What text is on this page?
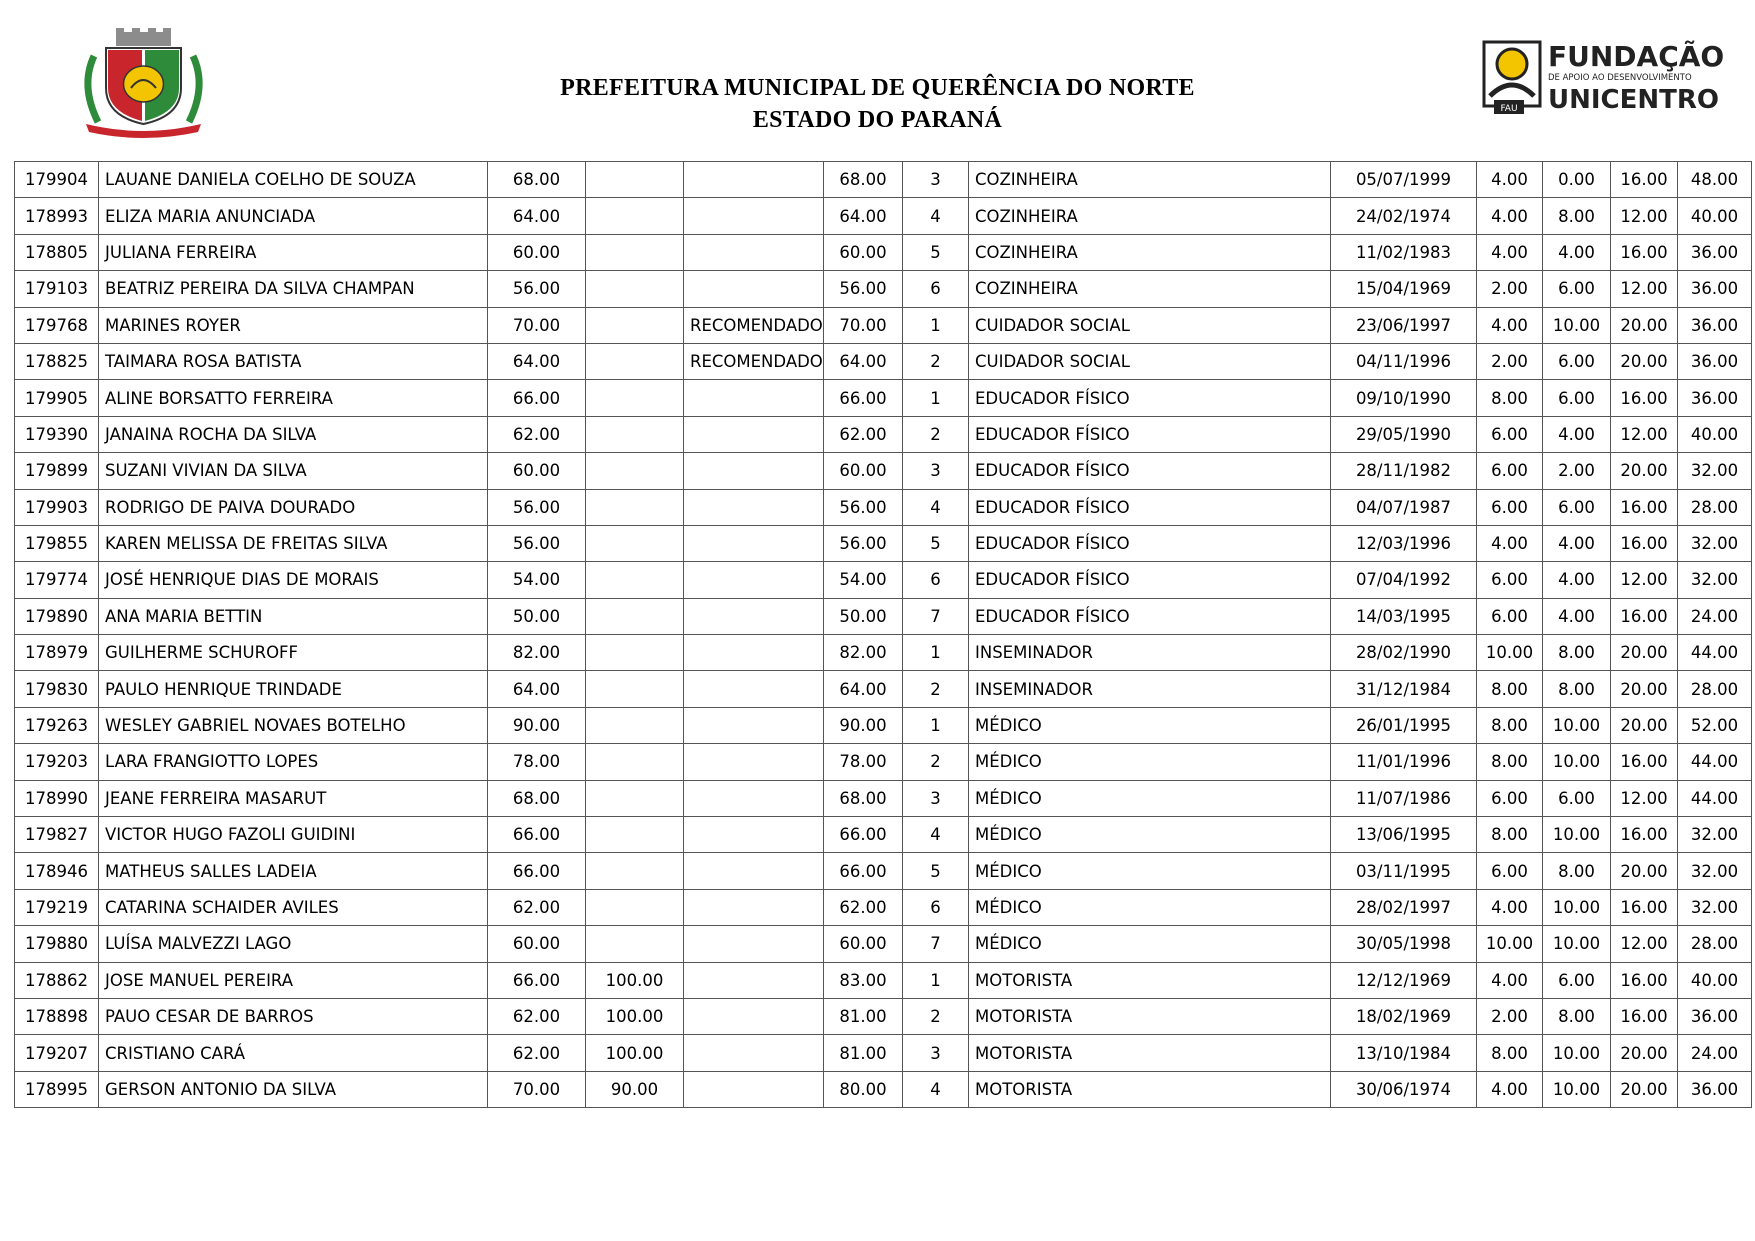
PREFEITURA MUNICIPAL DE QUERÊNCIA DO NORTE
ESTADO DO PARANÁ	FAU
FUNDAÇÃO
DE APOIO AO DESENVOLVIMENTO
UNICENTRO
179904	LAUANE DANIELA COELHO DE SOUZA	68.00			68.00	3	COZINHEIRA	05/07/1999	4.00	0.00	16.00	48.00
178993	ELIZA MARIA ANUNCIADA	64.00			64.00	4	COZINHEIRA	24/02/1974	4.00	8.00	12.00	40.00
178805	JULIANA FERREIRA	60.00			60.00	5	COZINHEIRA	11/02/1983	4.00	4.00	16.00	36.00
179103	BEATRIZ PEREIRA DA SILVA CHAMPAN	56.00			56.00	6	COZINHEIRA	15/04/1969	2.00	6.00	12.00	36.00
179768	MARINES ROYER	70.00		RECOMENDADO	70.00	1	CUIDADOR SOCIAL	23/06/1997	4.00	10.00	20.00	36.00
178825	TAIMARA ROSA BATISTA	64.00		RECOMENDADO	64.00	2	CUIDADOR SOCIAL	04/11/1996	2.00	6.00	20.00	36.00
179905	ALINE BORSATTO FERREIRA	66.00			66.00	1	EDUCADOR FÍSICO	09/10/1990	8.00	6.00	16.00	36.00
179390	JANAINA ROCHA DA SILVA	62.00			62.00	2	EDUCADOR FÍSICO	29/05/1990	6.00	4.00	12.00	40.00
179899	SUZANI VIVIAN DA SILVA	60.00			60.00	3	EDUCADOR FÍSICO	28/11/1982	6.00	2.00	20.00	32.00
179903	RODRIGO DE PAIVA DOURADO	56.00			56.00	4	EDUCADOR FÍSICO	04/07/1987	6.00	6.00	16.00	28.00
179855	KAREN MELISSA DE FREITAS SILVA	56.00			56.00	5	EDUCADOR FÍSICO	12/03/1996	4.00	4.00	16.00	32.00
179774	JOSÉ HENRIQUE DIAS DE MORAIS	54.00			54.00	6	EDUCADOR FÍSICO	07/04/1992	6.00	4.00	12.00	32.00
179890	ANA MARIA BETTIN	50.00			50.00	7	EDUCADOR FÍSICO	14/03/1995	6.00	4.00	16.00	24.00
178979	GUILHERME SCHUROFF	82.00			82.00	1	INSEMINADOR	28/02/1990	10.00	8.00	20.00	44.00
179830	PAULO HENRIQUE TRINDADE	64.00			64.00	2	INSEMINADOR	31/12/1984	8.00	8.00	20.00	28.00
179263	WESLEY GABRIEL NOVAES BOTELHO	90.00			90.00	1	MÉDICO	26/01/1995	8.00	10.00	20.00	52.00
179203	LARA FRANGIOTTO LOPES	78.00			78.00	2	MÉDICO	11/01/1996	8.00	10.00	16.00	44.00
178990	JEANE FERREIRA MASARUT	68.00			68.00	3	MÉDICO	11/07/1986	6.00	6.00	12.00	44.00
179827	VICTOR HUGO FAZOLI GUIDINI	66.00			66.00	4	MÉDICO	13/06/1995	8.00	10.00	16.00	32.00
178946	MATHEUS SALLES LADEIA	66.00			66.00	5	MÉDICO	03/11/1995	6.00	8.00	20.00	32.00
179219	CATARINA SCHAIDER AVILES	62.00			62.00	6	MÉDICO	28/02/1997	4.00	10.00	16.00	32.00
179880	LUÍSA MALVEZZI LAGO	60.00			60.00	7	MÉDICO	30/05/1998	10.00	10.00	12.00	28.00
178862	JOSE MANUEL PEREIRA	66.00	100.00		83.00	1	MOTORISTA	12/12/1969	4.00	6.00	16.00	40.00
178898	PAUO CESAR DE BARROS	62.00	100.00		81.00	2	MOTORISTA	18/02/1969	2.00	8.00	16.00	36.00
179207	CRISTIANO CARÁ	62.00	100.00		81.00	3	MOTORISTA	13/10/1984	8.00	10.00	20.00	24.00
178995	GERSON ANTONIO DA SILVA	70.00	90.00		80.00	4	MOTORISTA	30/06/1974	4.00	10.00	20.00	36.00
